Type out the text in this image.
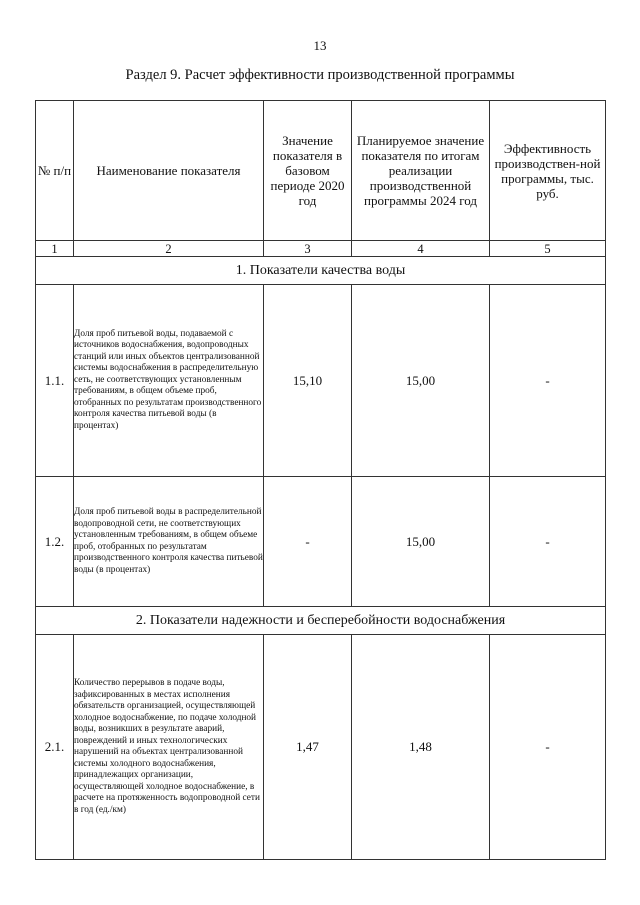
13
Раздел 9. Расчет эффективности производственной программы
№ п/п	Наименование показателя	Значение показателя в базовом периоде 2020 год	Планируемое значение показателя по итогам реализации производственной программы 2024 год	Эффективность производствен-ной программы, тыс. руб.
1	2	3	4	5
1. Показатели качества воды				
1.1.	Доля проб питьевой воды, подаваемой с источников водоснабжения, водопроводных станций или иных объектов централизованной системы водоснабжения в распределительную сеть, не соответствующих установленным требованиям, в общем объеме проб, отобранных по результатам производственного контроля качества питьевой воды (в процентах)	15,10	15,00	-
1.2.	Доля проб питьевой воды в распределительной водопроводной сети, не соответствующих установленным требованиям, в общем объеме проб, отобранных по результатам производственного контроля качества питьевой воды (в процентах)	-	15,00	-
2. Показатели надежности и бесперебойности водоснабжения				
2.1.	Количество перерывов в подаче воды, зафиксированных в местах исполнения обязательств организацией, осуществляющей холодное водоснабжение, по подаче холодной воды, возникших в результате аварий, повреждений и иных технологических нарушений на объектах централизованной системы холодного водоснабжения, принадлежащих организации, осуществляющей холодное водоснабжение, в расчете на протяженность водопроводной сети в год (ед./км)	1,47	1,48	-
